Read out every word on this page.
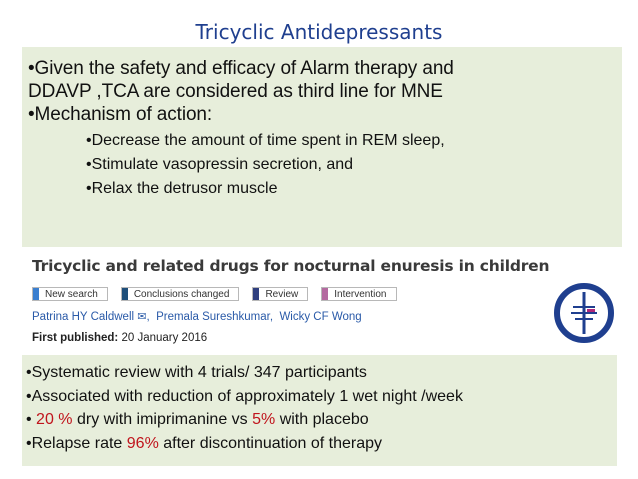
Tricyclic Antidepressants
•Given the safety and efficacy of Alarm therapy and
DDAVP ,TCA are considered as third line for MNE
•Mechanism of action:
•Decrease the amount of time spent in REM sleep,
•Stimulate vasopressin secretion, and
•Relax the detrusor muscle
Tricyclic and related drugs for nocturnal enuresis in children
New search	Conclusions changed	Review	Intervention
Patrina HY Caldwell ✉,  Premala Sureshkumar, Wicky CF Wong
First published: 20 January 2016
•Systematic review with 4 trials/ 347 participants
•Associated with reduction of approximately 1 wet night /week
• 20 % dry with imiprimanine vs 5% with placebo
•Relapse rate 96% after discontinuation of therapy
